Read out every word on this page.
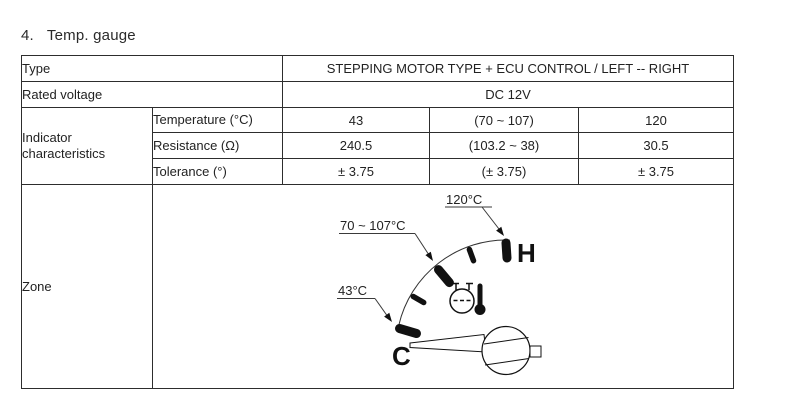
4. Temp. gauge
Type		STEPPING MOTOR TYPE + ECU CONTROL / LEFT -- RIGHT		
Rated voltage		DC 12V		
Indicator characteristics	Temperature (°C)	43	(70 ~ 107)	120
	Resistance (Ω)	240.5	(103.2 ~ 38)	30.5
	Tolerance (°)	± 3.75	(± 3.75)	± 3.75
Zone	H
C
120°C
70 ~ 107°C
43°C			
